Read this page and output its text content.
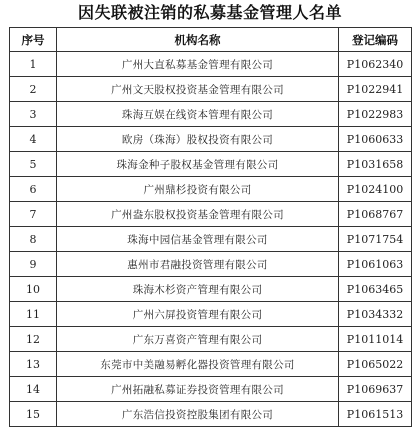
因失联被注销的私募基金管理人名单
序号	机构名称	登记编码
1	广州大直私募基金管理有限公司	P1062340
2	广州文天股权投资基金管理有限公司	P1022941
3	珠海互娱在线资本管理有限公司	P1022983
4	欧房（珠海）股权投资有限公司	P1060633
5	珠海金种子股权基金管理有限公司	P1031658
6	广州鼎杉投资有限公司	P1024100
7	广州盎东股权投资基金管理有限公司	P1068767
8	珠海中园信基金管理有限公司	P1071754
9	惠州市君融投资管理有限公司	P1061063
10	珠海木杉资产管理有限公司	P1063465
11	广州六屏投资管理有限公司	P1034332
12	广东万喜资产管理有限公司	P1011014
13	东莞市中美融易孵化器投资管理有限公司	P1065022
14	广州拓融私募证券投资管理有限公司	P1069637
15	广东浩信投资控股集团有限公司	P1061513
